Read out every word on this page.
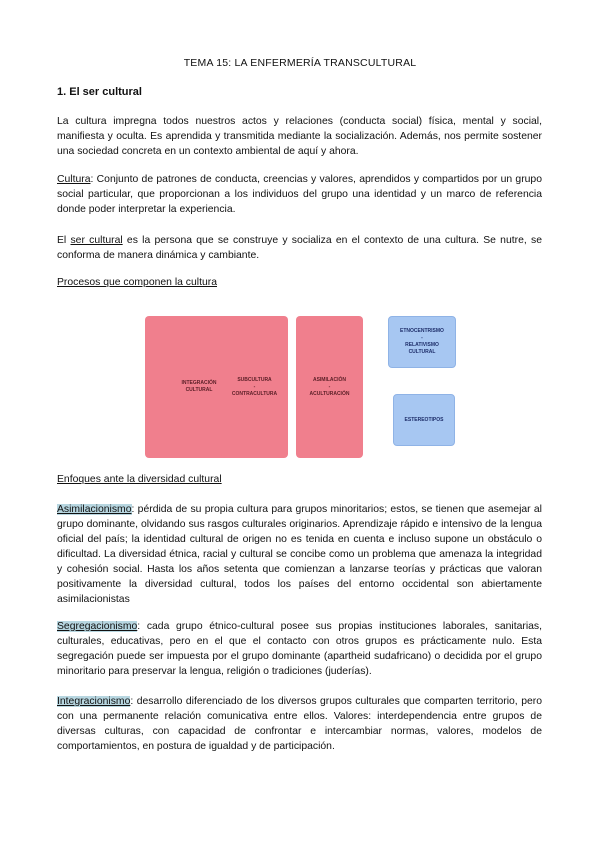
TEMA 15: LA ENFERMERÍA TRANSCULTURAL
1. El ser cultural

La cultura impregna todos nuestros actos y relaciones (conducta social) física, mental y social, manifiesta y oculta. Es aprendida y transmitida mediante la socialización. Además, nos permite sostener una sociedad concreta en un contexto ambiental de aquí y ahora.

Cultura: Conjunto de patrones de conducta, creencias y valores, aprendidos y compartidos por un grupo social particular, que proporcionan a los individuos del grupo una identidad y un marco de referencia donde poder interpretar la experiencia.

El ser cultural es la persona que se construye y socializa en el contexto de una cultura. Se nutre, se conforma de manera dinámica y cambiante.

Procesos que componen la cultura
INTEGRACIÓN
CULTURAL
SUBCULTURA
-
CONTRACULTURA
ASIMILACIÓN
-
ACULTURACIÓN
ETNOCENTRISMO
-
RELATIVISMO
CULTURAL
ESTEREOTIPOS
Enfoques ante la diversidad cultural

Asimilacionismo: pérdida de su propia cultura para grupos minoritarios; estos, se tienen que asemejar al grupo dominante, olvidando sus rasgos culturales originarios. Aprendizaje rápido e intensivo de la lengua oficial del país; la identidad cultural de origen no es tenida en cuenta e incluso supone un obstáculo o dificultad. La diversidad étnica, racial y cultural se concibe como un problema que amenaza la integridad y cohesión social. Hasta los años setenta que comienzan a lanzarse teorías y prácticas que valoran positivamente la diversidad cultural, todos los países del entorno occidental son abiertamente asimilacionistas

Segregacionismo: cada grupo étnico-cultural posee sus propias instituciones laborales, sanitarias, culturales, educativas, pero en el que el contacto con otros grupos es prácticamente nulo. Esta segregación puede ser impuesta por el grupo dominante (apartheid sudafricano) o decidida por el grupo minoritario para preservar la lengua, religión o tradiciones (juderías).

Integracionismo: desarrollo diferenciado de los diversos grupos culturales que comparten territorio, pero con una permanente relación comunicativa entre ellos. Valores: interdependencia entre grupos de diversas culturas, con capacidad de confrontar e intercambiar normas, valores, modelos de comportamientos, en postura de igualdad y de participación.
